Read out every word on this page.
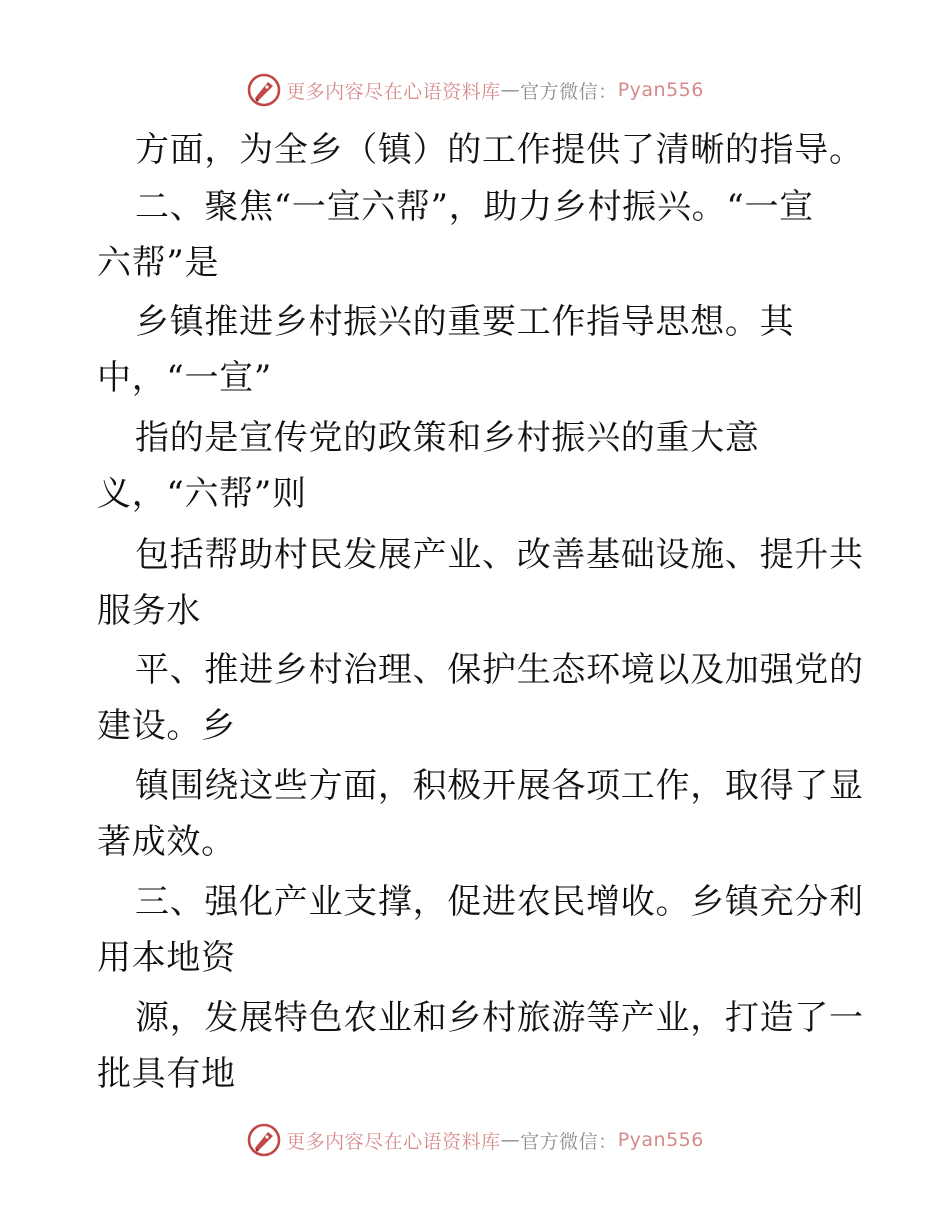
更多内容尽在心语资料库 — 官方微信： Pyan556
方面，为全乡（镇）的工作提供了清晰的指导。
二、聚焦“一宣六帮”，助力乡村振兴。“一宣
六帮”是
乡镇推进乡村振兴的重要工作指导思想。其
中，“一宣”
指的是宣传党的政策和乡村振兴的重大意
义，“六帮”则
包括帮助村民发展产业、改善基础设施、提升共
服务水
平、推进乡村治理、保护生态环境以及加强党的
建设。乡
镇围绕这些方面，积极开展各项工作，取得了显
著成效。
三、强化产业支撑，促进农民增收。乡镇充分利
用本地资
源，发展特色农业和乡村旅游等产业，打造了一
批具有地
更多内容尽在心语资料库 — 官方微信： Pyan556
